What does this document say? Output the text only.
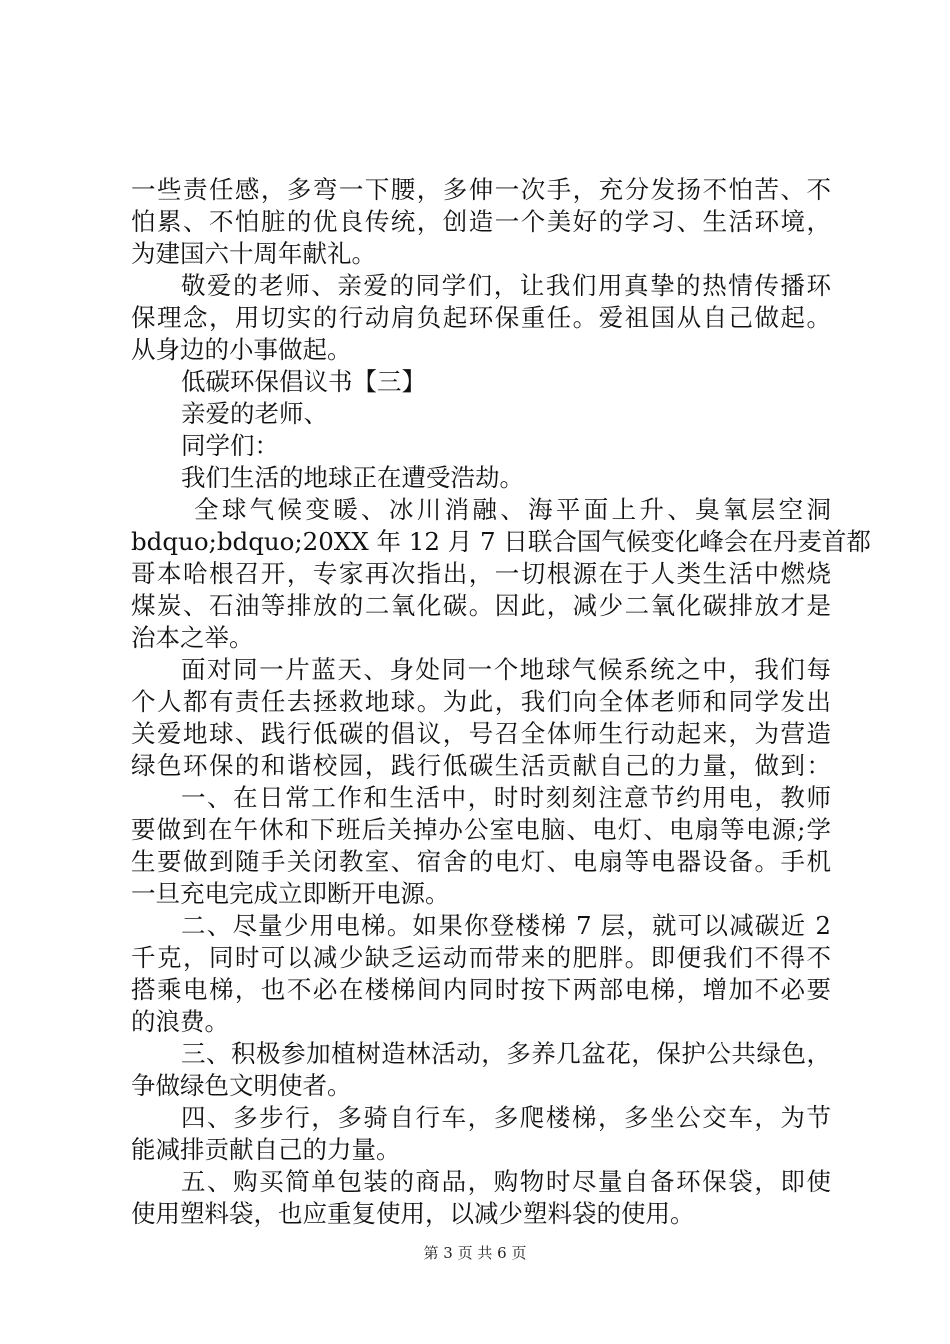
一些责任感，多弯一下腰，多伸一次手，充分发扬不怕苦、不
怕累、不怕脏的优良传统，创造一个美好的学习、生活环境，
为建国六十周年献礼。
敬爱的老师、亲爱的同学们，让我们用真挚的热情传播环
保理念，用切实的行动肩负起环保重任。爱祖国从自己做起。
从身边的小事做起。
低碳环保倡议书【三】
亲爱的老师、
同学们：
我们生活的地球正在遭受浩劫。
全球气候变暖、冰川消融、海平面上升、臭氧层空洞
bdquo;bdquo;20XX 年 12 月 7 日联合国气候变化峰会在丹麦首都
哥本哈根召开，专家再次指出，一切根源在于人类生活中燃烧
煤炭、石油等排放的二氧化碳。因此，减少二氧化碳排放才是
治本之举。
面对同一片蓝天、身处同一个地球气候系统之中，我们每
个人都有责任去拯救地球。为此，我们向全体老师和同学发出
关爱地球、践行低碳的倡议，号召全体师生行动起来，为营造
绿色环保的和谐校园，践行低碳生活贡献自己的力量，做到：
一、在日常工作和生活中，时时刻刻注意节约用电，教师
要做到在午休和下班后关掉办公室电脑、电灯、电扇等电源;学
生要做到随手关闭教室、宿舍的电灯、电扇等电器设备。手机
一旦充电完成立即断开电源。
二、尽量少用电梯。如果你登楼梯 7 层，就可以减碳近 2
千克，同时可以减少缺乏运动而带来的肥胖。即便我们不得不
搭乘电梯，也不必在楼梯间内同时按下两部电梯，增加不必要
的浪费。
三、积极参加植树造林活动，多养几盆花，保护公共绿色，
争做绿色文明使者。
四、多步行，多骑自行车，多爬楼梯，多坐公交车，为节
能减排贡献自己的力量。
五、购买简单包装的商品，购物时尽量自备环保袋，即使
使用塑料袋，也应重复使用，以减少塑料袋的使用。
第 3 页 共 6 页
